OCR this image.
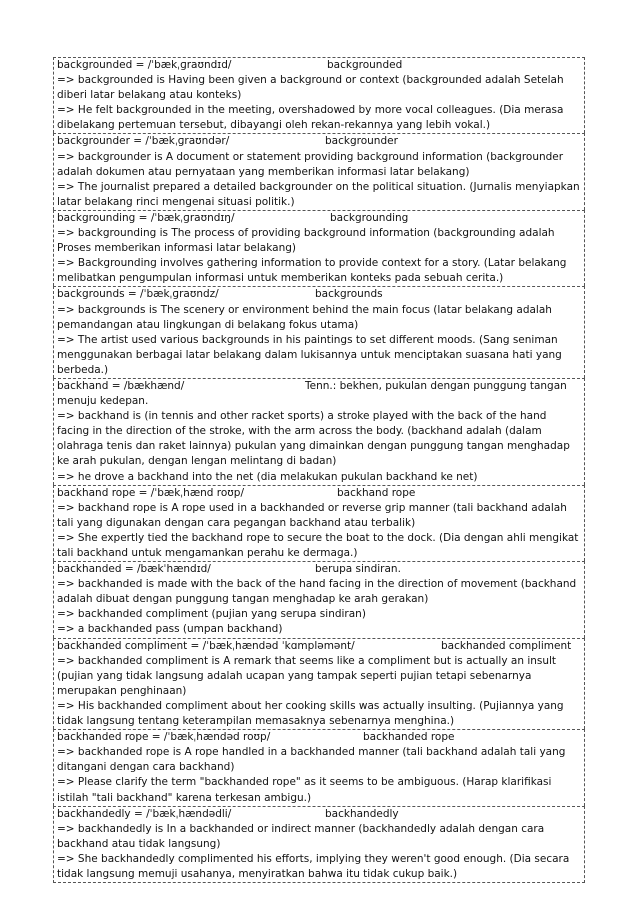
backgrounded = /ˈbækˌɡraʊndɪd/	backgrounded
=> backgrounded is Having been given a background or context (backgrounded adalah Setelah diberi latar belakang atau konteks)
=> He felt backgrounded in the meeting, overshadowed by more vocal colleagues. (Dia merasa dibelakang pertemuan tersebut, dibayangi oleh rekan-rekannya yang lebih vokal.)
backgrounder = /ˈbækˌɡraʊndər/	backgrounder
=> backgrounder is A document or statement providing background information (backgrounder adalah dokumen atau pernyataan yang memberikan informasi latar belakang)
=> The journalist prepared a detailed backgrounder on the political situation. (Jurnalis menyiapkan latar belakang rinci mengenai situasi politik.)
backgrounding = /ˈbækˌɡraʊndɪŋ/	backgrounding
=> backgrounding is The process of providing background information (backgrounding adalah Proses memberikan informasi latar belakang)
=> Backgrounding involves gathering information to provide context for a story. (Latar belakang melibatkan pengumpulan informasi untuk memberikan konteks pada sebuah cerita.)
backgrounds = /ˈbækˌɡraʊndz/	backgrounds
=> backgrounds is The scenery or environment behind the main focus (latar belakang adalah pemandangan atau lingkungan di belakang fokus utama)
=> The artist used various backgrounds in his paintings to set different moods. (Sang seniman menggunakan berbagai latar belakang dalam lukisannya untuk menciptakan suasana hati yang berbeda.)
backhand = /bækhænd/	Tenn.: bekhen, pukulan dengan punggung tangan menuju kedepan.
=> backhand is (in tennis and other racket sports) a stroke played with the back of the hand facing in the direction of the stroke, with the arm across the body. (backhand adalah (dalam olahraga tenis dan raket lainnya) pukulan yang dimainkan dengan punggung tangan menghadap ke arah pukulan, dengan lengan melintang di badan)
=> he drove a backhand into the net (dia melakukan pukulan backhand ke net)
backhand rope = /ˈbækˌhænd roʊp/	backhand rope
=> backhand rope is A rope used in a backhanded or reverse grip manner (tali backhand adalah tali yang digunakan dengan cara pegangan backhand atau terbalik)
=> She expertly tied the backhand rope to secure the boat to the dock. (Dia dengan ahli mengikat tali backhand untuk mengamankan perahu ke dermaga.)
backhanded = /bækˈhændɪd/	berupa sindiran.
=> backhanded is made with the back of the hand facing in the direction of movement (backhand adalah dibuat dengan punggung tangan menghadap ke arah gerakan)
=> backhanded compliment (pujian yang serupa sindiran)
=> a backhanded pass (umpan backhand)
backhanded compliment = /ˈbækˌhændəd ˈkɑmpləmənt/	backhanded compliment
=> backhanded compliment is A remark that seems like a compliment but is actually an insult (pujian yang tidak langsung adalah ucapan yang tampak seperti pujian tetapi sebenarnya merupakan penghinaan)
=> His backhanded compliment about her cooking skills was actually insulting. (Pujiannya yang tidak langsung tentang keterampilan memasaknya sebenarnya menghina.)
backhanded rope = /ˈbækˌhændəd roʊp/	backhanded rope
=> backhanded rope is A rope handled in a backhanded manner (tali backhand adalah tali yang ditangani dengan cara backhand)
=> Please clarify the term "backhanded rope" as it seems to be ambiguous. (Harap klarifikasi istilah "tali backhand" karena terkesan ambigu.)
backhandedly = /ˈbækˌhændədli/	backhandedly
=> backhandedly is In a backhanded or indirect manner (backhandedly adalah dengan cara backhand atau tidak langsung)
=> She backhandedly complimented his efforts, implying they weren't good enough. (Dia secara tidak langsung memuji usahanya, menyiratkan bahwa itu tidak cukup baik.)
